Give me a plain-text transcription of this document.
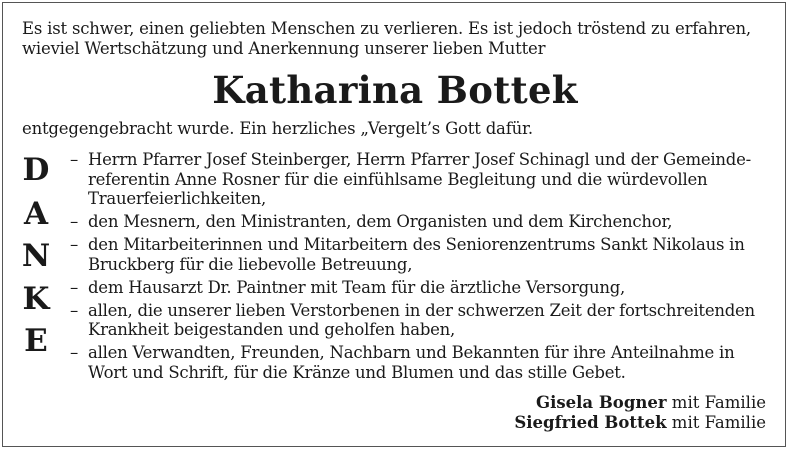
Es ist schwer, einen geliebten Menschen zu verlieren. Es ist jedoch tröstend zu erfahren, wieviel Wertschätzung und Anerkennung unserer lieben Mutter
Katharina Bottek
entgegengebracht wurde. Ein herzliches „Vergelt’s Gott dafür.
D
A
N
K
E
– Herrn Pfarrer Josef Steinberger, Herrn Pfarrer Josef Schinagl und der Gemeinde-referentin Anne Rosner für die einfühlsame Begleitung und die würdevollen Trauerfeierlichkeiten,
– den Mesnern, den Ministranten, dem Organisten und dem Kirchenchor,
– den Mitarbeiterinnen und Mitarbeitern des Seniorenzentrums Sankt Nikolaus in Bruckberg für die liebevolle Betreuung,
– dem Hausarzt Dr. Paintner mit Team für die ärztliche Versorgung,
– allen, die unserer lieben Verstorbenen in der schwerzen Zeit der fortschreitenden Krankheit beigestanden und geholfen haben,
– allen Verwandten, Freunden, Nachbarn und Bekannten für ihre Anteilnahme in Wort und Schrift, für die Kränze und Blumen und das stille Gebet.
Gisela Bogner mit Familie
Siegfried Bottek mit Familie
